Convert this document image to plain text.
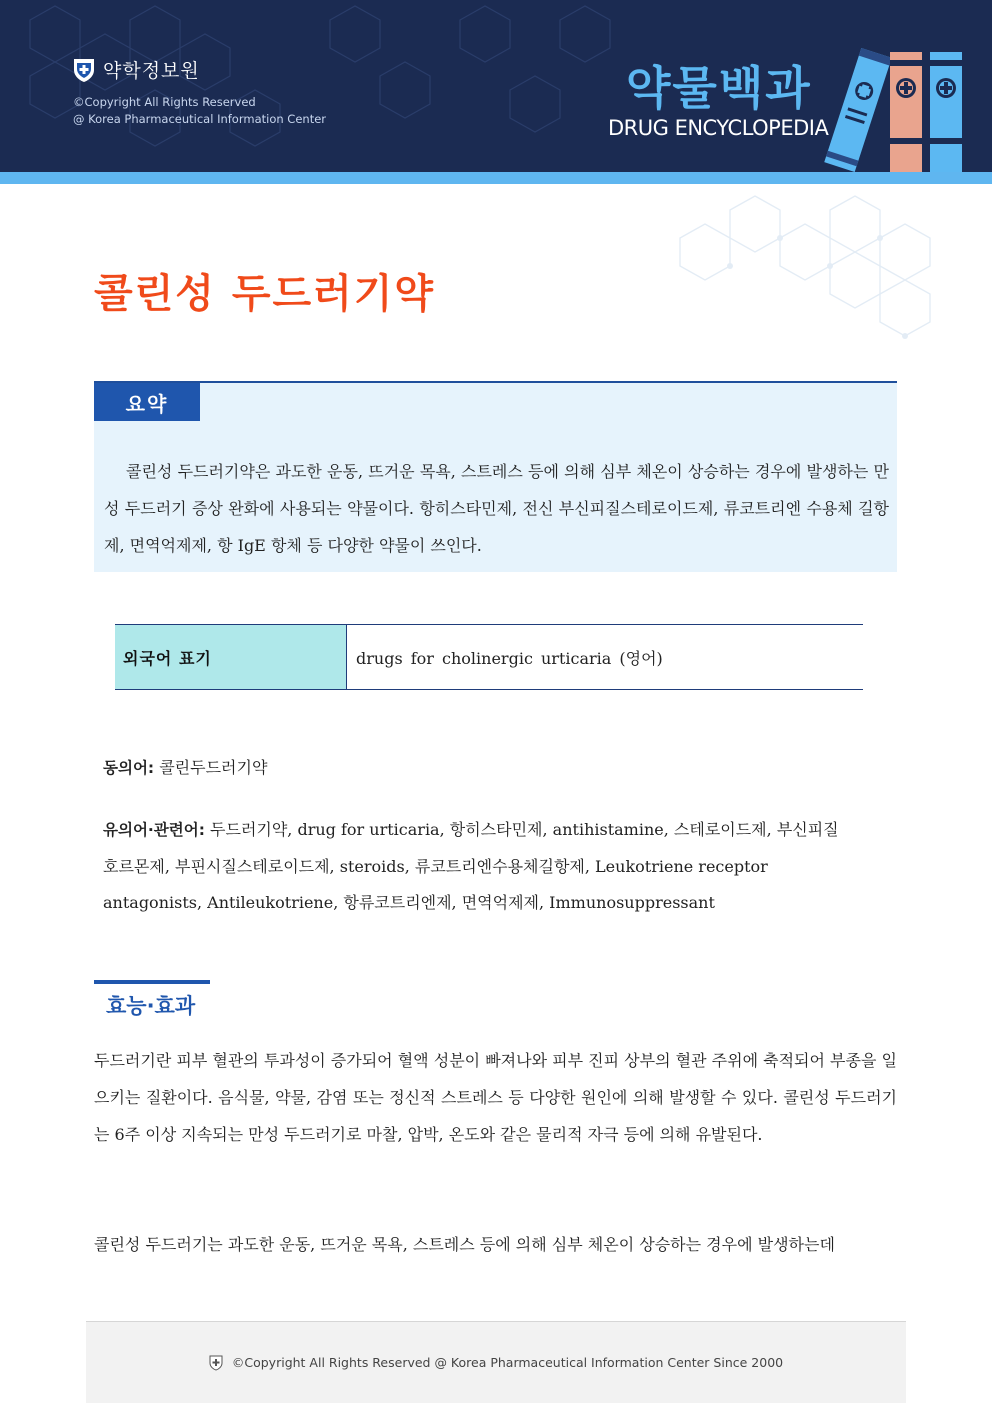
약학정보원
©Copyright All Rights Reserved
@ Korea Pharmaceutical Information Center
약물백과
DRUG ENCYCLOPEDIA
콜린성 두드러기약
요약

콜린성 두드러기약은 과도한 운동, 뜨거운 목욕, 스트레스 등에 의해 심부 체온이 상승하는 경우에 발생하는 만성 두드러기 증상 완화에 사용되는 약물이다. 항히스타민제, 전신 부신피질스테로이드제, 류코트리엔 수용체 길항제, 면역억제제, 항 IgE 항체 등 다양한 약물이 쓰인다.

외국어 표기	drugs for cholinergic urticaria (영어)
동의어: 콜린두드러기약
유의어·관련어: 두드러기약, drug for urticaria, 항히스타민제, antihistamine, 스테로이드제, 부신피질호르몬제, 부핀시질스테로이드제, steroids, 류코트리엔수용체길항제, Leukotriene receptor antagonists, Antileukotriene, 항류코트리엔제, 면역억제제, Immunosuppressant
효능·효과

두드러기란 피부 혈관의 투과성이 증가되어 혈액 성분이 빠져나와 피부 진피 상부의 혈관 주위에 축적되어 부종을 일으키는 질환이다. 음식물, 약물, 감염 또는 정신적 스트레스 등 다양한 원인에 의해 발생할 수 있다. 콜린성 두드러기는 6주 이상 지속되는 만성 두드러기로 마찰, 압박, 온도와 같은 물리적 자극 등에 의해 유발된다.

콜린성 두드러기는 과도한 운동, 뜨거운 목욕, 스트레스 등에 의해 심부 체온이 상승하는 경우에 발생하는데

©Copyright All Rights Reserved @ Korea Pharmaceutical Information Center Since 2000
